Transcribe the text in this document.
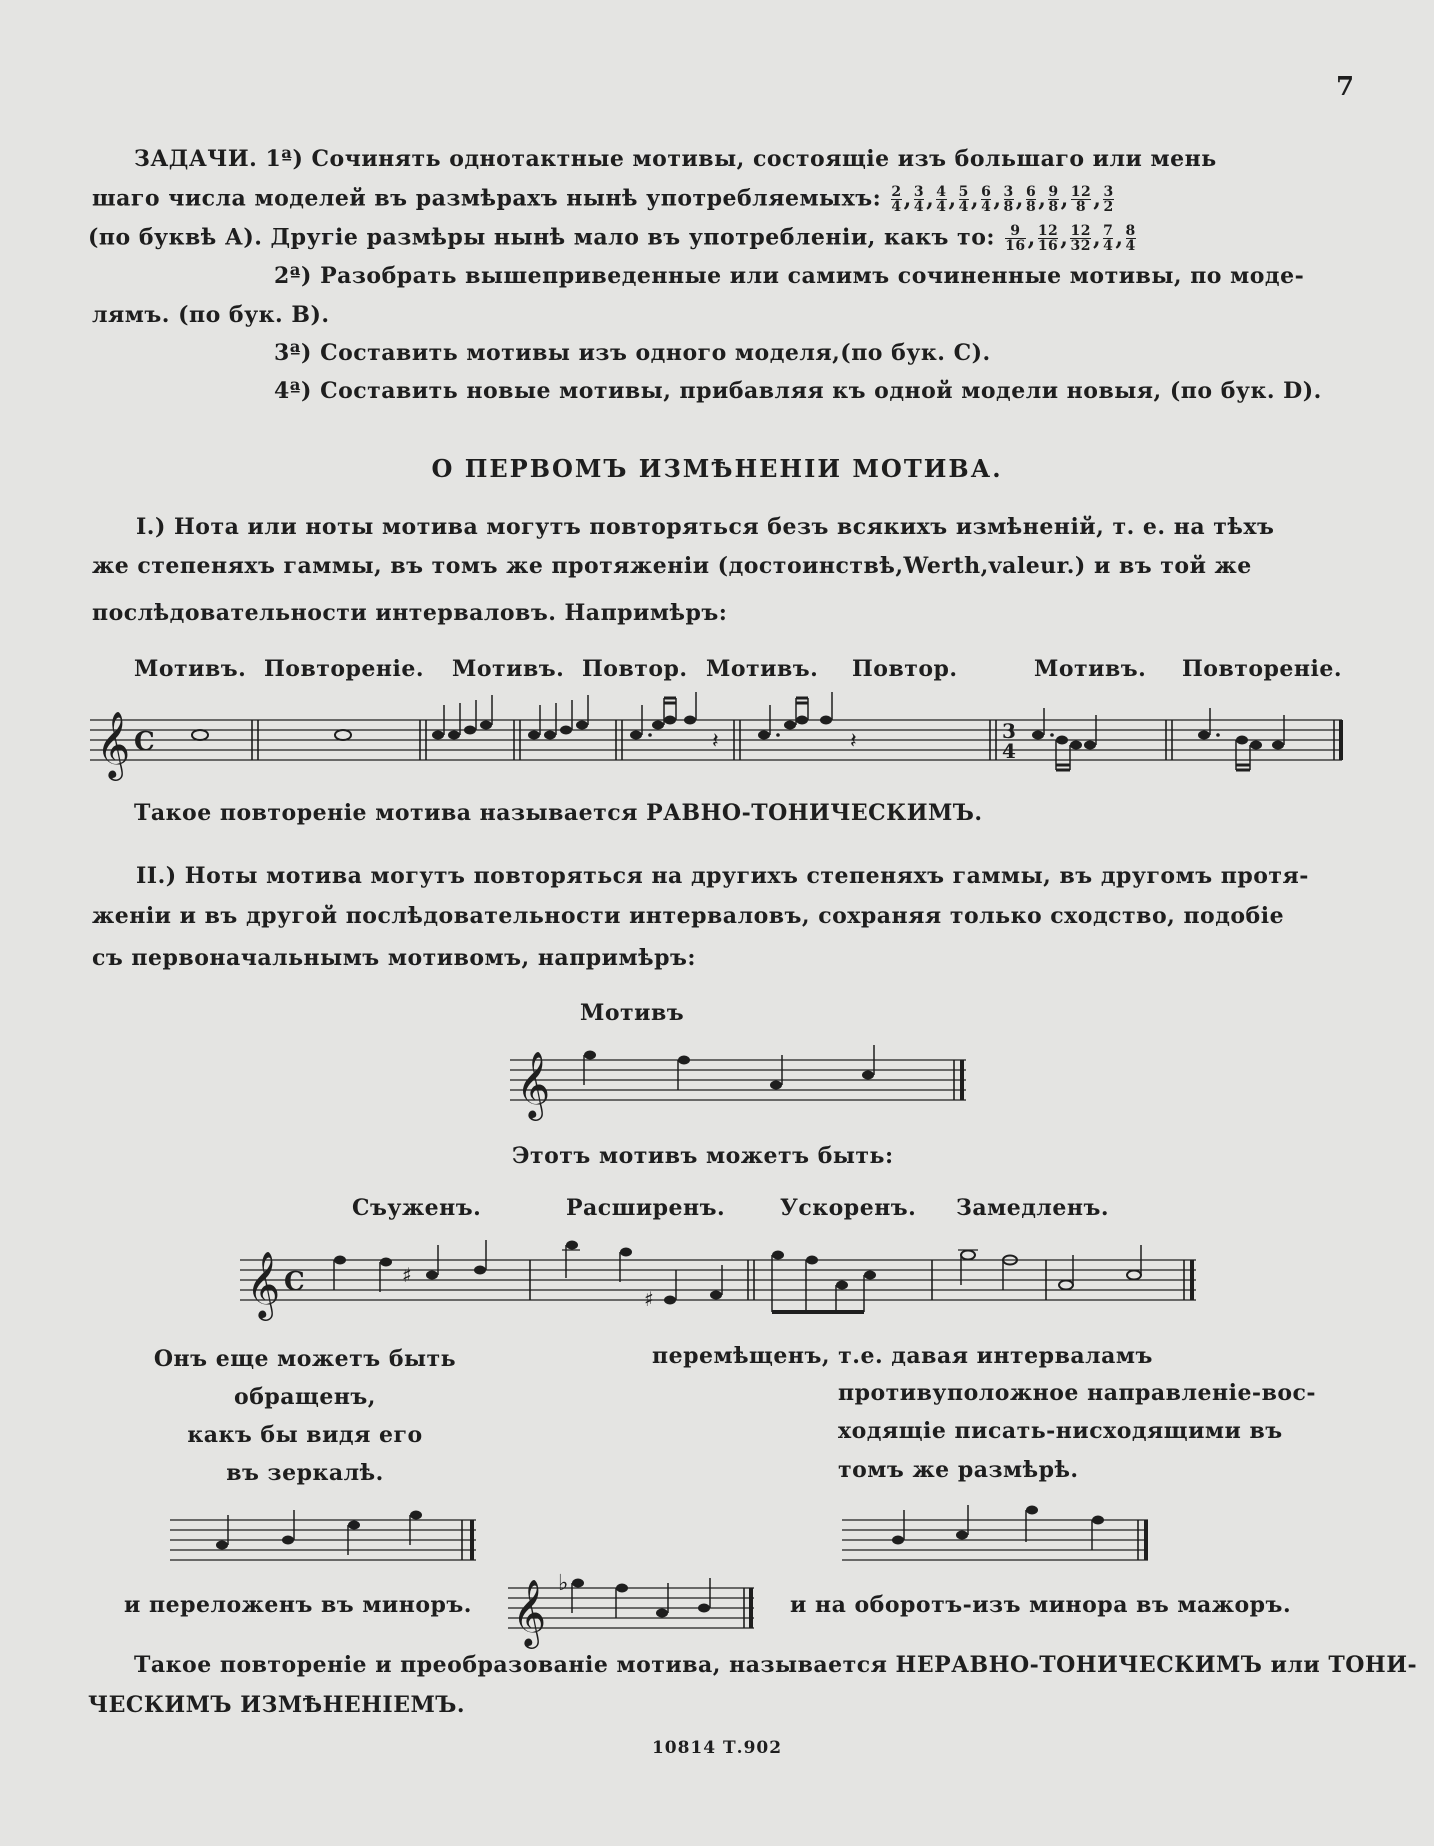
7
ЗАДАЧИ. 1ª) Сочинять однотактные мотивы, состоящіе изъ большаго или мень
шаго числа моделей въ размѣрахъ нынѣ употребляемыхъ: $\frac{2}{4}$ , $\frac{3}{4}$ , $\frac{4}{4}$ , $\frac{5}{4}$ , $\frac{6}{4}$ , $\frac{3}{8}$ , $\frac{6}{8}$ , $\frac{9}{8}$ , $\frac{12}{8}$ , $\frac{3}{2}$
(по буквѣ А). Другіе размѣры нынѣ мало въ употребленіи, какъ то: $\frac{9}{16}$ , $\frac{12}{16}$ , $\frac{12}{32}$ , $\frac{7}{4}$ , $\frac{8}{4}$
2ª) Разобрать вышеприведенные или самимъ сочиненные мотивы, по моде-
лямъ. (по бук. В).
3ª) Составить мотивы изъ одного моделя,(по бук. С).
4ª) Составить новые мотивы, прибавляя къ одной модели новыя, (по бук. D).
О ПЕРВОМЪ ИЗМѢНЕНІИ МОТИВА.
I.) Нота или ноты мотива могутъ повторяться безъ всякихъ измѣненій, т. е. на тѣхъ
же степеняхъ гаммы, въ томъ же протяженіи (достоинствѣ,Werth,valeur.) и въ той же
послѣдовательности интерваловъ. Напримѣръ:
Мотивъ. Повтореніе. Мотивъ. Повтор. Мотивъ. Повтор.	Мотивъ. Повтореніе.
𝄞 C	𝄽	𝄽	3
4
Такое повтореніе мотива называется РАВНО-ТОНИЧЕСКИМЪ.
II.) Ноты мотива могутъ повторяться на другихъ степеняхъ гаммы, въ другомъ протя-
женіи и въ другой послѣдовательности интерваловъ, сохраняя только сходство, подобіе
съ первоначальнымъ мотивомъ, напримѣръ:
Мотивъ
𝄞
Этотъ мотивъ можетъ быть:
Съуженъ.	Расширенъ. Ускоренъ. Замедленъ.
𝄞 C	♯
♯
Онъ еще можетъ быть
обращенъ,
какъ бы видя его
въ зеркалѣ.
перемѣщенъ, т.е. давая интерваламъ
противуположное направленіе-вос-
ходящіе писать-нисходящими въ
томъ же размѣрѣ.
и переложенъ въ миноръ. 𝄞 ♭
и на оборотъ-изъ минора въ мажоръ.
Такое повтореніе и преобразованіе мотива, называется НЕРАВНО-ТОНИЧЕСКИМЪ или ТОНИ-
ЧЕСКИМЪ ИЗМѢНЕНІЕМЪ.
10814 Т.902
